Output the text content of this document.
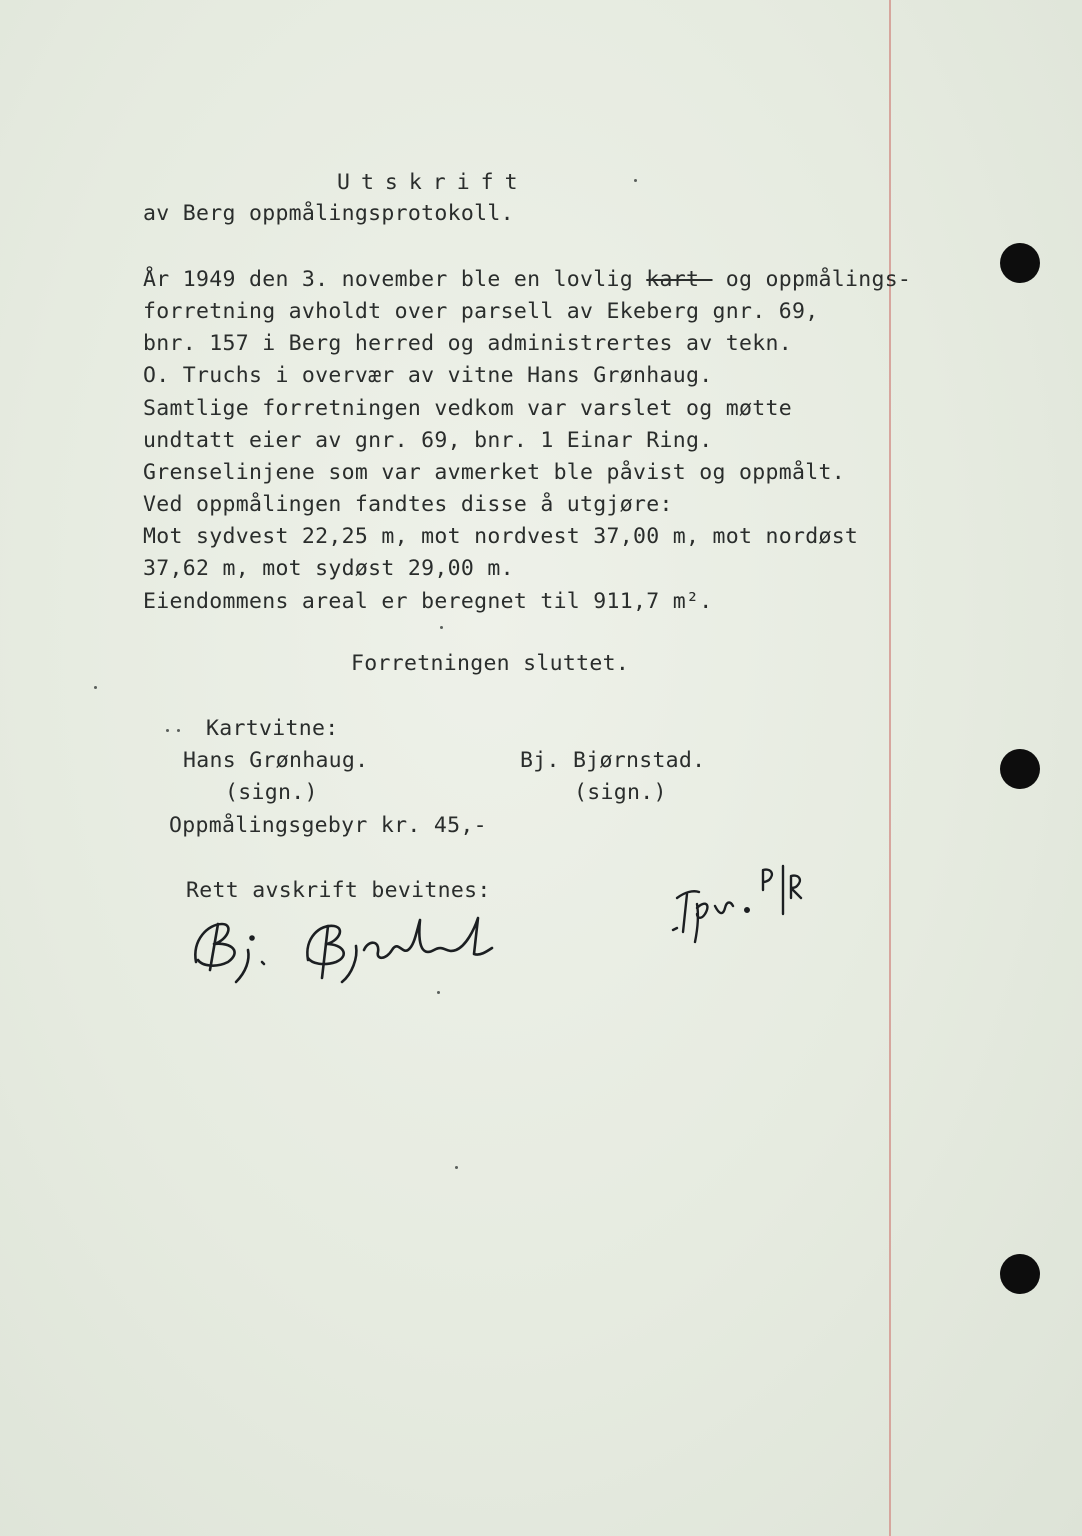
Utskrift
av Berg oppmålingsprotokoll.
År 1949 den 3. november ble en lovlig kart- og oppmålings-
forretning avholdt over parsell av Ekeberg gnr. 69,
bnr. 157 i Berg herred og administrertes av tekn.
O. Truchs i overvær av vitne Hans Grønhaug.
Samtlige forretningen vedkom var varslet og møtte
undtatt eier av gnr. 69, bnr. 1 Einar Ring.
Grenselinjene som var avmerket ble påvist og oppmålt.
Ved oppmålingen fandtes disse å utgjøre:
Mot sydvest 22,25 m, mot nordvest 37,00 m, mot nordøst
37,62 m, mot sydøst 29,00 m.
Eiendommens areal er beregnet til 911,7 m².
Forretningen sluttet.
Kartvitne:
Hans Grønhaug.	Bj. Bjørnstad.
(sign.)	(sign.)
Oppmålingsgebyr kr. 45,-
Rett avskrift bevitnes:
